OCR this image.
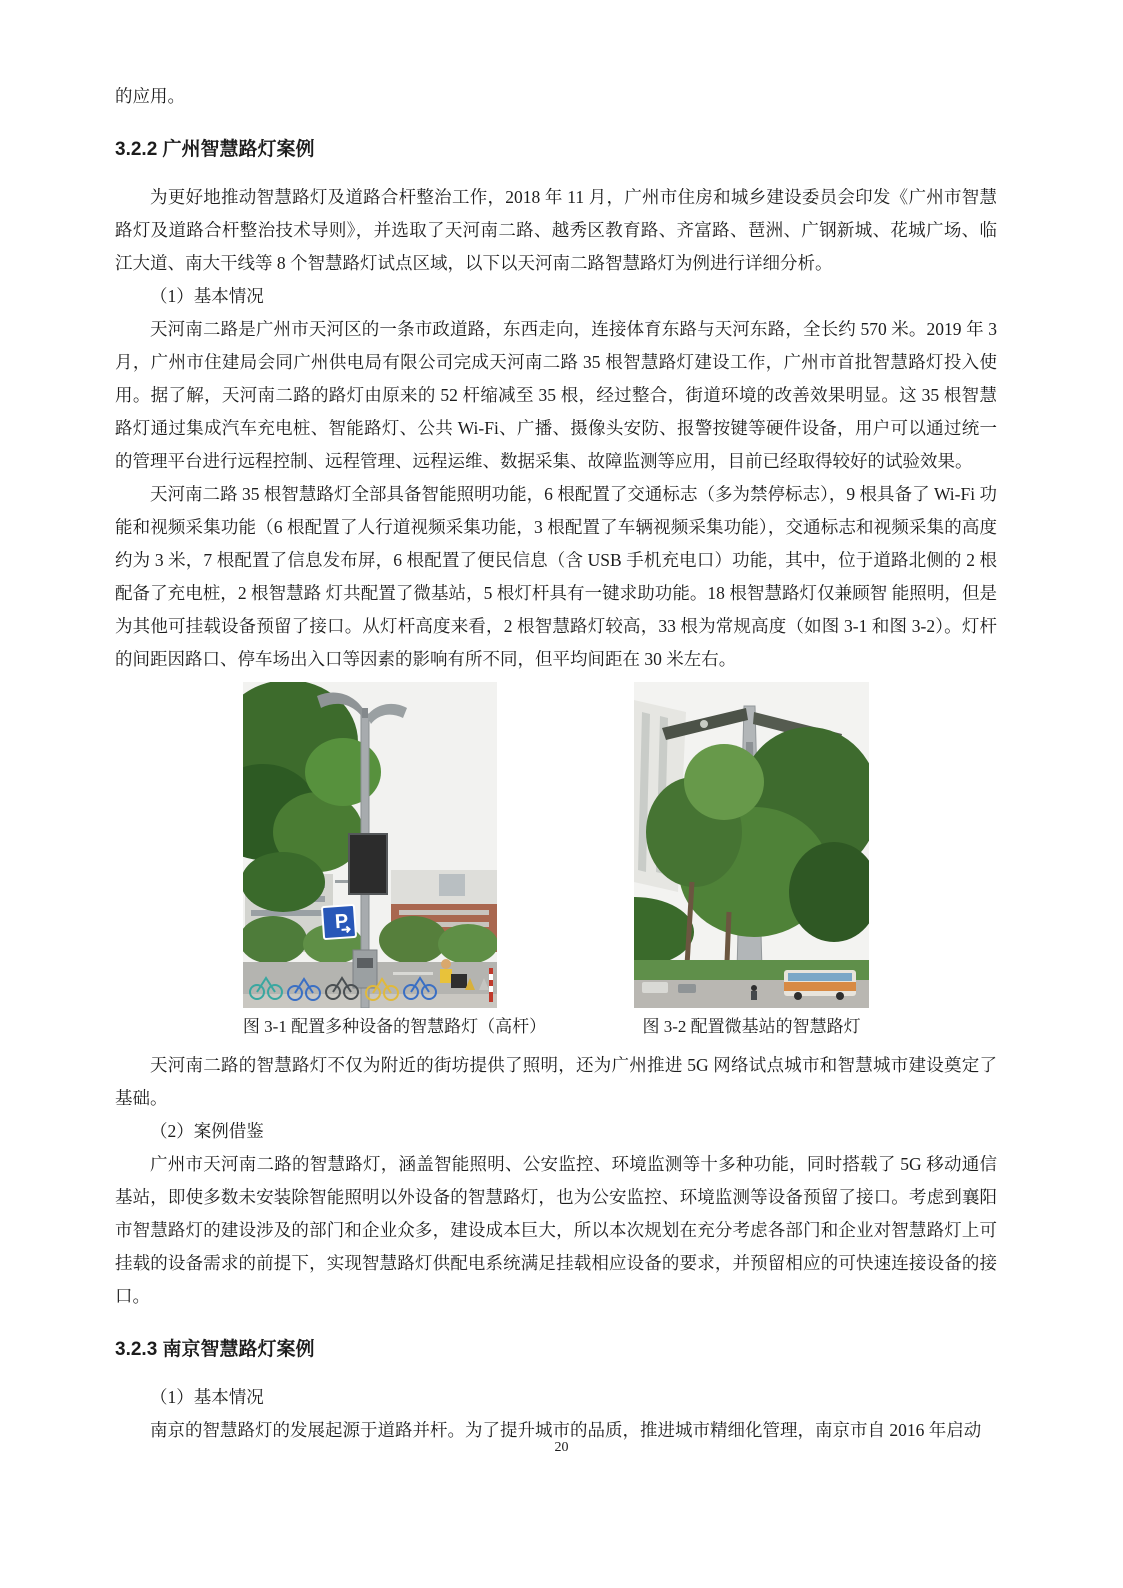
的应用。

3.2.2 广州智慧路灯案例

为更好地推动智慧路灯及道路合杆整治工作，2018 年 11 月，广州市住房和城乡建设委员会印发《广州市智慧路灯及道路合杆整治技术导则》，并选取了天河南二路、越秀区教育路、齐富路、琶洲、广钢新城、花城广场、临江大道、南大干线等 8 个智慧路灯试点区域，以下以天河南二路智慧路灯为例进行详细分析。

（1）基本情况

天河南二路是广州市天河区的一条市政道路，东西走向，连接体育东路与天河东路，全长约 570 米。2019 年 3 月，广州市住建局会同广州供电局有限公司完成天河南二路 35 根智慧路灯建设工作，广州市首批智慧路灯投入使用。据了解，天河南二路的路灯由原来的 52 杆缩减至 35 根，经过整合，街道环境的改善效果明显。这 35 根智慧路灯通过集成汽车充电桩、智能路灯、公共 Wi-Fi、广播、摄像头安防、报警按键等硬件设备，用户可以通过统一的管理平台进行远程控制、远程管理、远程运维、数据采集、故障监测等应用，目前已经取得较好的试验效果。

天河南二路 35 根智慧路灯全部具备智能照明功能，6 根配置了交通标志（多为禁停标志），9 根具备了 Wi-Fi 功能和视频采集功能（6 根配置了人行道视频采集功能，3 根配置了车辆视频采集功能），交通标志和视频采集的高度约为 3 米，7 根配置了信息发布屏，6 根配置了便民信息（含 USB 手机充电口）功能，其中，位于道路北侧的 2 根配备了充电桩，2 根智慧路 灯共配置了微基站，5 根灯杆具有一键求助功能。18 根智慧路灯仅兼顾智 能照明，但是为其他可挂载设备预留了接口。从灯杆高度来看，2 根智慧路灯较高，33 根为常规高度（如图 3-1 和图 3-2）。灯杆的间距因路口、停车场出入口等因素的影响有所不同，但平均间距在 30 米左右。

P
图 3-1 配置多种设备的智慧路灯（高杆）	图 3-2 配置微基站的智慧路灯

天河南二路的智慧路灯不仅为附近的街坊提供了照明，还为广州推进 5G 网络试点城市和智慧城市建设奠定了基础。

（2）案例借鉴

广州市天河南二路的智慧路灯，涵盖智能照明、公安监控、环境监测等十多种功能，同时搭载了 5G 移动通信基站，即使多数未安装除智能照明以外设备的智慧路灯，也为公安监控、环境监测等设备预留了接口。考虑到襄阳市智慧路灯的建设涉及的部门和企业众多，建设成本巨大，所以本次规划在充分考虑各部门和企业对智慧路灯上可挂载的设备需求的前提下，实现智慧路灯供配电系统满足挂载相应设备的要求，并预留相应的可快速连接设备的接口。

3.2.3 南京智慧路灯案例

（1）基本情况

南京的智慧路灯的发展起源于道路并杆。为了提升城市的品质，推进城市精细化管理，南京市自 2016 年启动

20
